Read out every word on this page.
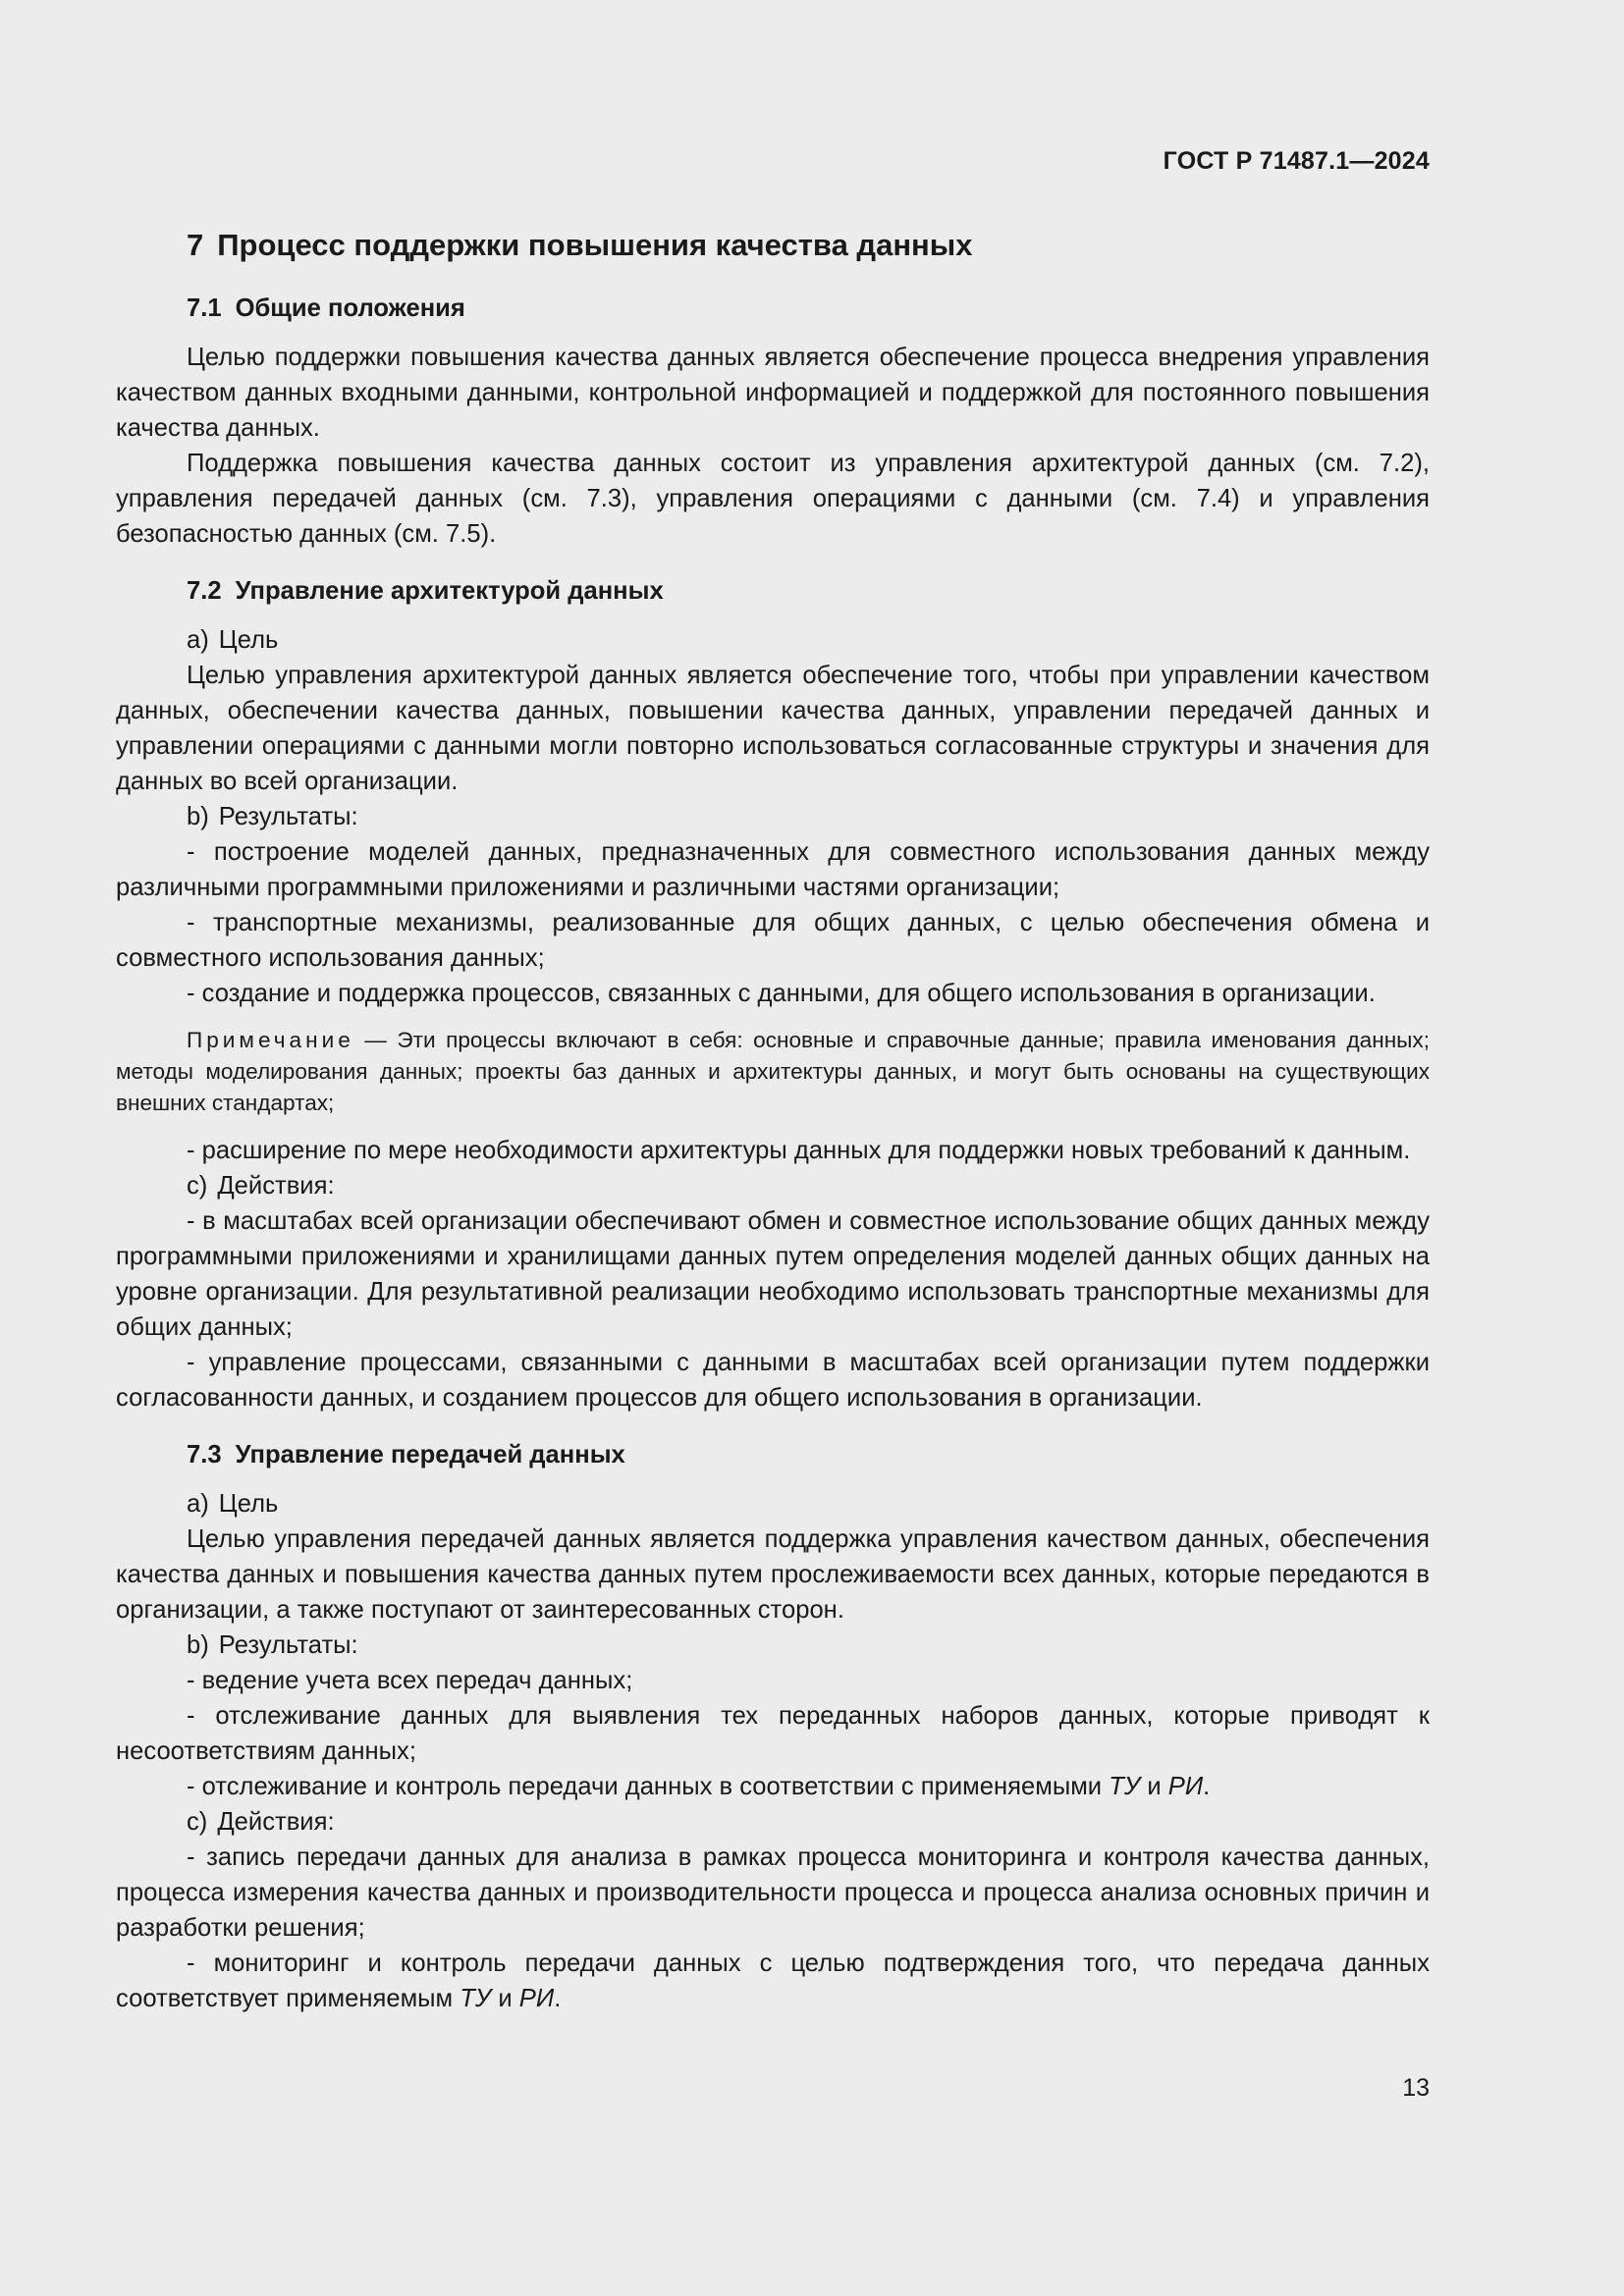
ГОСТ Р 71487.1—2024
7 Процесс поддержки повышения качества данных
7.1 Общие положения

Целью поддержки повышения качества данных является обеспечение процесса внедрения управления качеством данных входными данными, контрольной информацией и поддержкой для постоянного повышения качества данных.

Поддержка повышения качества данных состоит из управления архитектурой данных (см. 7.2), управления передачей данных (см. 7.3), управления операциями с данными (см. 7.4) и управления безопасностью данных (см. 7.5).

7.2 Управление архитектурой данных

а) Цель

Целью управления архитектурой данных является обеспечение того, чтобы при управлении качеством данных, обеспечении качества данных, повышении качества данных, управлении передачей данных и управлении операциями с данными могли повторно использоваться согласованные структуры и значения для данных во всей организации.

b) Результаты:

- построение моделей данных, предназначенных для совместного использования данных между различными программными приложениями и различными частями организации;

- транспортные механизмы, реализованные для общих данных, с целью обеспечения обмена и совместного использования данных;

- создание и поддержка процессов, связанных с данными, для общего использования в организации.

Примечание — Эти процессы включают в себя: основные и справочные данные; правила именования данных; методы моделирования данных; проекты баз данных и архитектуры данных, и могут быть основаны на существующих внешних стандартах;

- расширение по мере необходимости архитектуры данных для поддержки новых требований к данным.

с) Действия:

- в масштабах всей организации обеспечивают обмен и совместное использование общих данных между программными приложениями и хранилищами данных путем определения моделей данных общих данных на уровне организации. Для результативной реализации необходимо использовать транспортные механизмы для общих данных;

- управление процессами, связанными с данными в масштабах всей организации путем поддержки согласованности данных, и созданием процессов для общего использования в организации.

7.3 Управление передачей данных

а) Цель

Целью управления передачей данных является поддержка управления качеством данных, обеспечения качества данных и повышения качества данных путем прослеживаемости всех данных, которые передаются в организации, а также поступают от заинтересованных сторон.

b) Результаты:

- ведение учета всех передач данных;

- отслеживание данных для выявления тех переданных наборов данных, которые приводят к несоответствиям данных;

- отслеживание и контроль передачи данных в соответствии с применяемыми ТУ и РИ.

с) Действия:

- запись передачи данных для анализа в рамках процесса мониторинга и контроля качества данных, процесса измерения качества данных и производительности процесса и процесса анализа основных причин и разработки решения;

- мониторинг и контроль передачи данных с целью подтверждения того, что передача данных соответствует применяемым ТУ и РИ.

13
